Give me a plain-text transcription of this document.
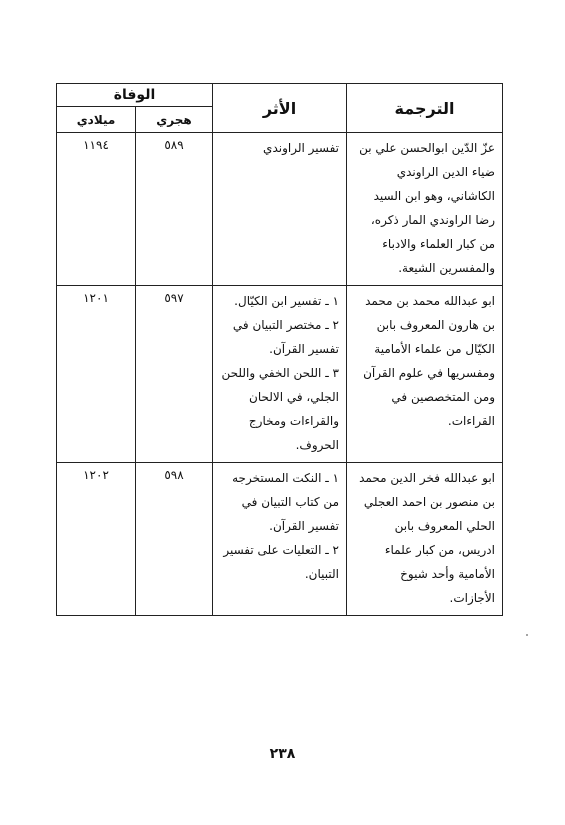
الترجمة	الأثر	الوفاة	
		هجري	ميلادي
عزّ الدّين ابوالحسن علي بن ضياء الدين الراوندي الكاشاني، وهو ابن السيد رضا الراوندي المار ذكره، من كبار العلماء والادباء والمفسرين الشيعة.	تفسير الراوندي	٥٨٩	١١٩٤
ابو عبدالله محمد بن محمد بن هارون المعروف بابن الكيّال من علماء الأمامية ومفسريها في علوم القرآن ومن المتخصصين في القراءات.	١ ـ تفسير ابن الكيّال.
٢ ـ مختصر التبيان في تفسير القرآن.
٣ ـ اللحن الخفي واللحن الجلي، في الالحان والقراءات ومخارج الحروف.	٥٩٧	١٢٠١
ابو عبدالله فخر الدين محمد بن منصور بن احمد العجلي الحلي المعروف بابن ادريس، من كبار علماء الأمامية وأحد شيوخ الأجازات.	١ ـ النكت المستخرجه من كتاب التبيان في تفسير القرآن.
٢ ـ التعليات على تفسير التبيان.	٥٩٨	١٢٠٢
٢٣٨
